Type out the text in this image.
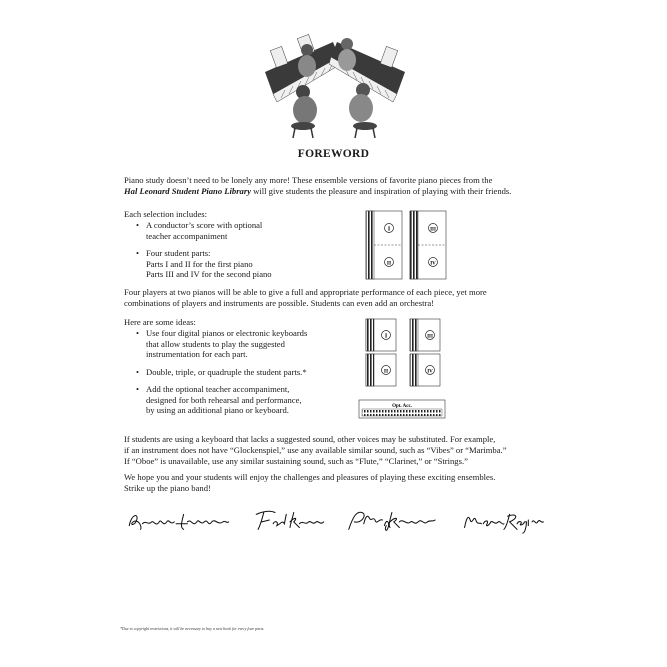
FOREWORD

Piano study doesn’t need to be lonely any more! These ensemble versions of favorite piano pieces from the

Hal Leonard Student Piano Library will give students the pleasure and inspiration of playing with their friends.

Each selection includes:

• A conductor’s score with optional
teacher accompaniment
• Four student parts:
Parts I and II for the first piano
Parts III and IV for the second piano
I
II
III
IV

Four players at two pianos will be able to give a full and appropriate performance of each piece, yet more

combinations of players and instruments are possible. Students can even add an orchestra!

Here are some ideas:

• Use four digital pianos or electronic keyboards
that allow students to play the suggested
instrumentation for each part.
• Double, triple, or quadruple the student parts.*
• Add the optional teacher accompaniment,
designed for both rehearsal and performance,
by using an additional piano or keyboard.
I	III
II	IV
Opt. Acc.

If students are using a keyboard that lacks a suggested sound, other voices may be substituted. For example,

if an instrument does not have “Glockenspiel,” use any available similar sound, such as “Vibes” or “Marimba.”

If “Oboe” is unavailable, use any similar sustaining sound, such as “Flute,” “Clarinet,” or “Strings.”

We hope you and your students will enjoy the challenges and pleasures of playing these exciting ensembles.

Strike up the piano band!

*Due to copyright restrictions, it will be necessary to buy a new book for every four parts.
